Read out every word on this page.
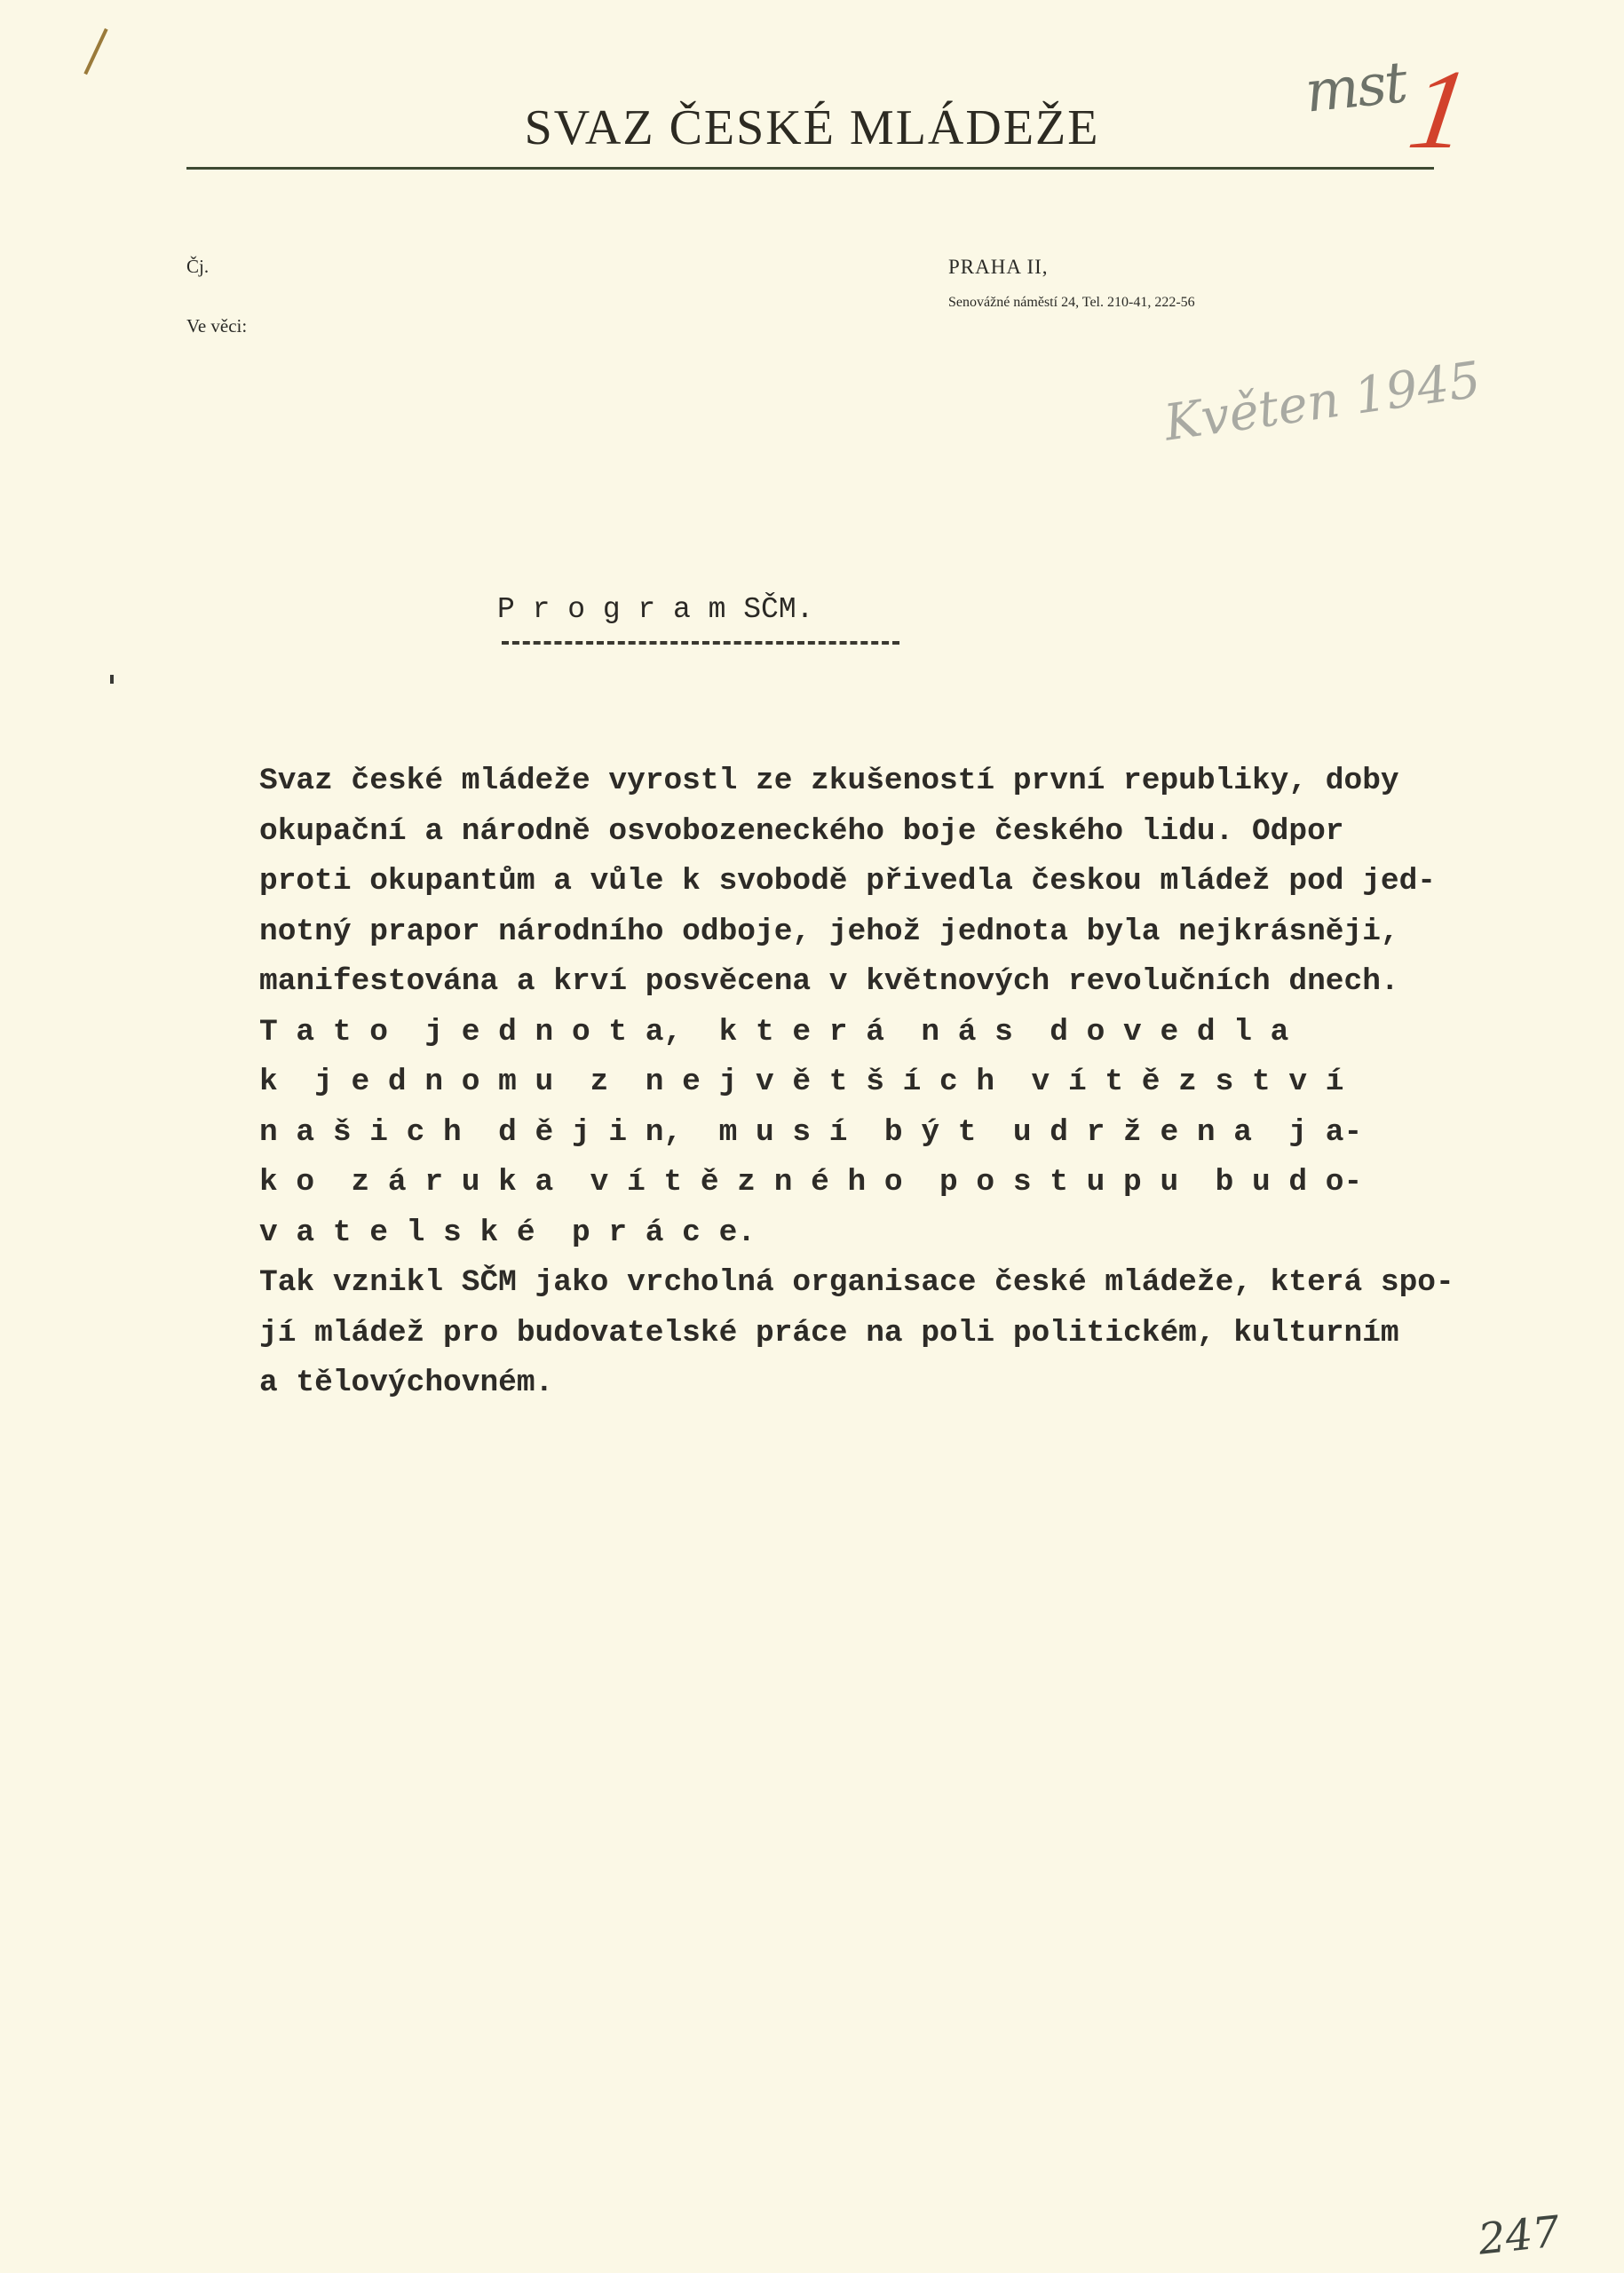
SVAZ ČESKÉ MLÁDEŽE
Čj.
Ve věci:
PRAHA II,
Senovážné náměstí 24, Tel. 210-41, 222-56
mst
1
Květen 1945
P r o g r a m SČM.
Svaz české mládeže vyrostl ze zkušeností první republiky, doby
okupační a národně osvobozeneckého boje českého lidu. Odpor
proti okupantům a vůle k svobodě přivedla českou mládež pod jed-
notný prapor národního odboje, jehož jednota byla nejkrásněji,
manifestována a krví posvěcena v květnových revolučních dnech.
T a t o  j e d n o t a,  k t e r á  n á s  d o v e d l a
k  j e d n o m u  z  n e j v ě t š í c h  v í t ě z s t v í
n a š i c h  d ě j i n,  m u s í  b ý t  u d r ž e n a  j a-
k o  z á r u k a  v í t ě z n é h o  p o s t u p u  b u d o-
v a t e l s k é  p r á c e.
Tak vznikl SČM jako vrcholná organisace české mládeže, která spo-
jí mládež pro budovatelské práce na poli politickém, kulturním
a tělovýchovném.
247
